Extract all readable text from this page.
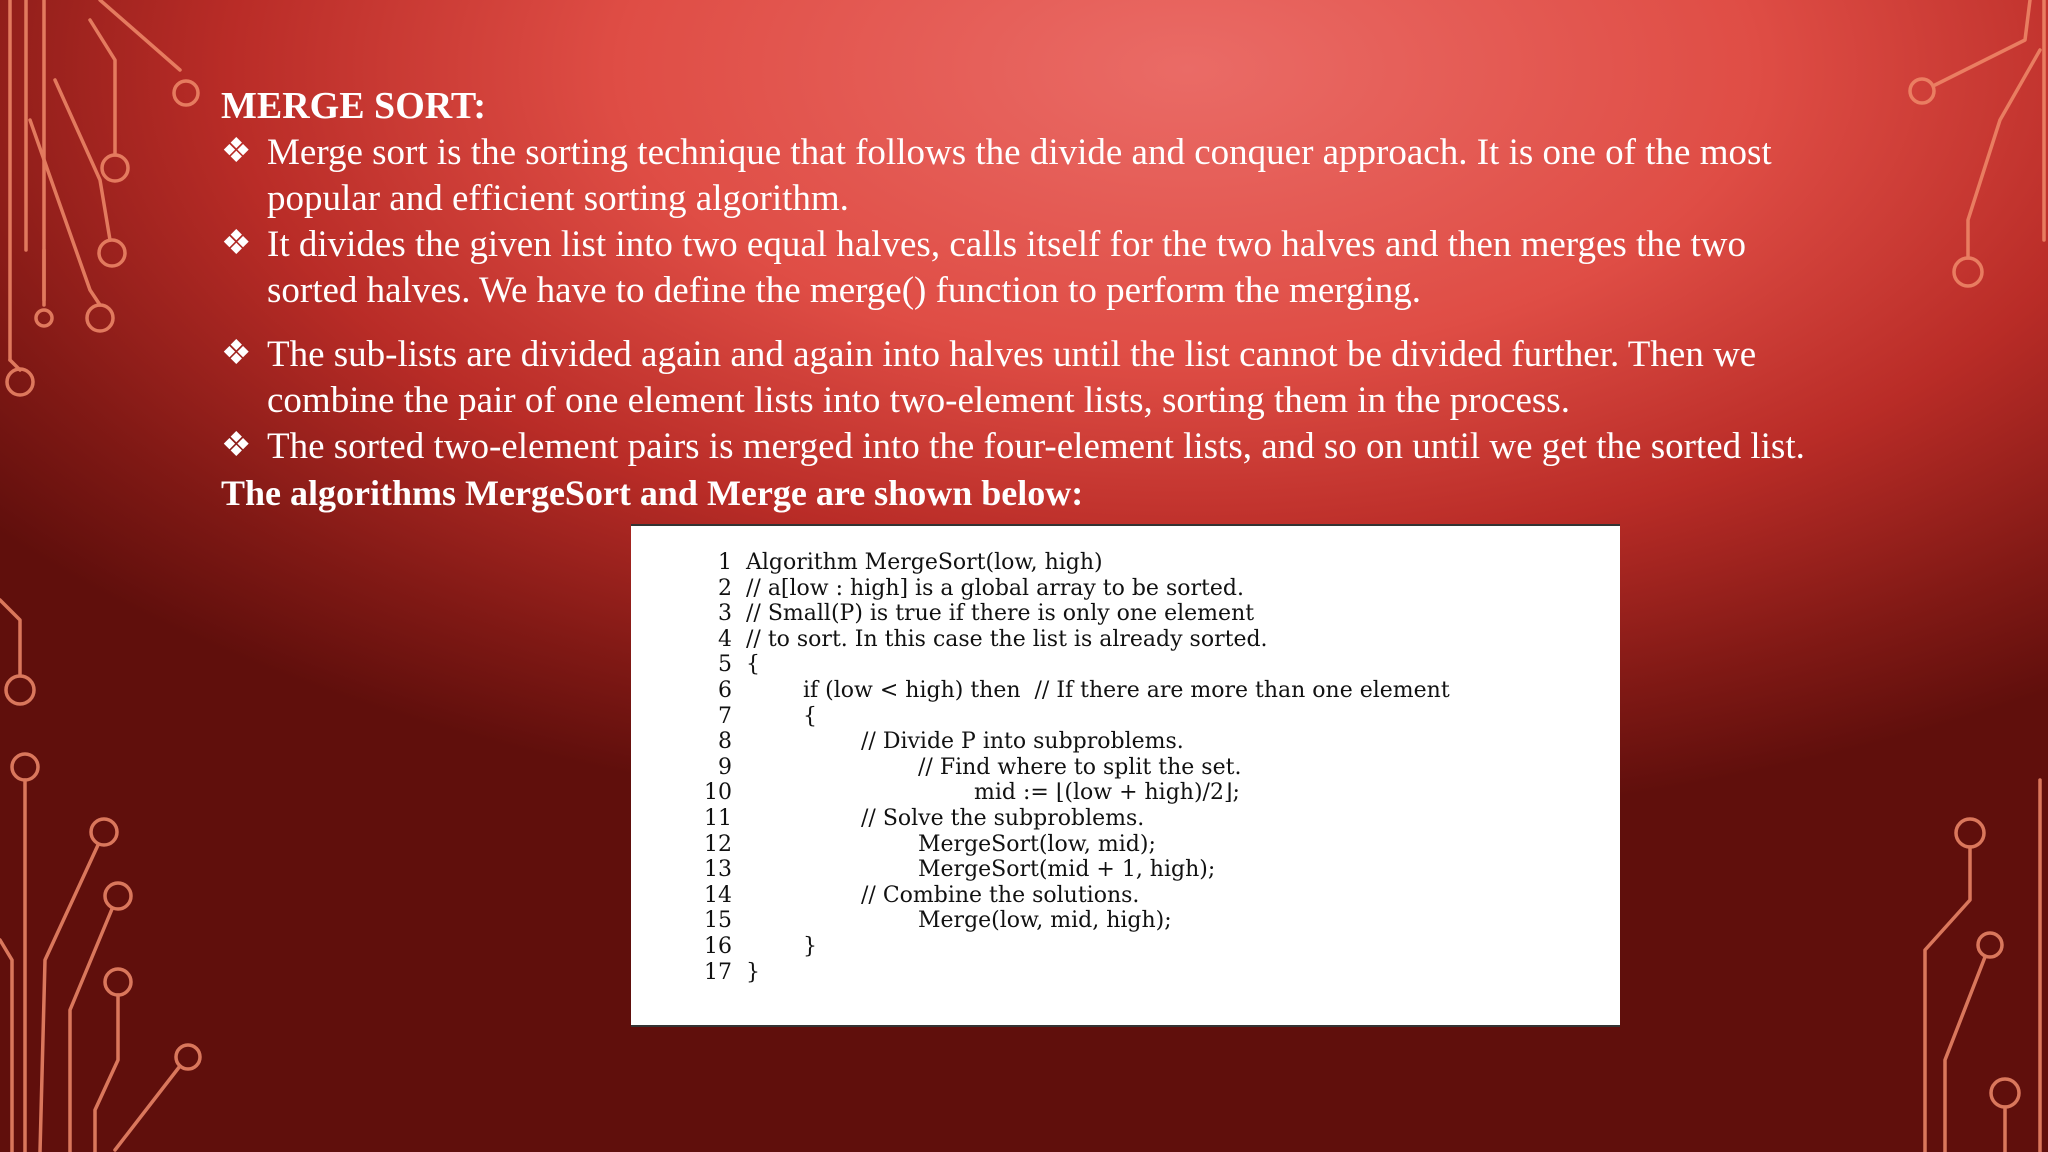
MERGE SORT:

❖ Merge sort is the sorting technique that follows the divide and conquer approach. It is one of the most
popular and efficient sorting algorithm.
❖ It divides the given list into two equal halves, calls itself for the two halves and then merges the two
sorted halves. We have to define the merge() function to perform the merging.
❖ The sub-lists are divided again and again into halves until the list cannot be divided further. Then we
combine the pair of one element lists into two-element lists, sorting them in the process.
❖ The sorted two-element pairs is merged into the four-element lists, and so on until we get the sorted list.

The algorithms MergeSort and Merge are shown below:

1 Algorithm MergeSort(low, high)
2 // a[low : high] is a global array to be sorted.
3 // Small(P) is true if there is only one element
4 // to sort. In this case the list is already sorted.
5 {
6	if (low < high) then  // If there are more than one element
7	{
8	// Divide P into subproblems.
9	// Find where to split the set.
10	mid := ⌊(low + high)/2⌋;
11	// Solve the subproblems.
12	MergeSort(low, mid);
13	MergeSort(mid + 1, high);
14	// Combine the solutions.
15	Merge(low, mid, high);
16	}
17 }
